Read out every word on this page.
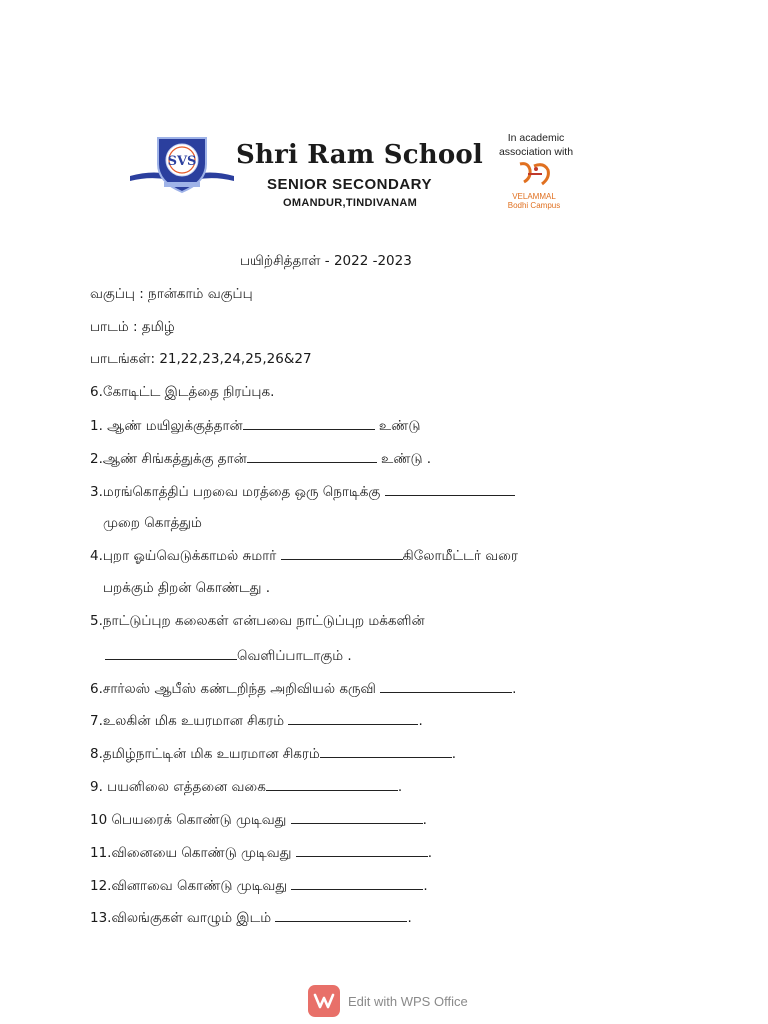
SVS Shri Ram School
SENIOR SECONDARY
OMANDUR,TINDIVANAM
In academic
association with
VELAMMAL
Bodhi Campus
பயிற்சித்தாள் - 2022 -2023
வகுப்பு : நான்காம் வகுப்பு
பாடம் : தமிழ்
பாடங்கள்: 21,22,23,24,25,26&27
6.கோடிட்ட இடத்தை நிரப்புக.
1. ஆண் மயிலுக்குத்தான்	உண்டு
2.ஆண் சிங்கத்துக்கு தான்	உண்டு .
3.மரங்கொத்திப் பறவை மரத்தை ஒரு நொடிக்கு
முறை கொத்தும்
4.புறா ஓய்வெடுக்காமல் சுமார்	கிலோமீட்டர் வரை
பறக்கும் திறன் கொண்டது .
5.நாட்டுப்புற கலைகள் என்பவை நாட்டுப்புற மக்களின்
வெளிப்பாடாகும் .
6.சார்லஸ் ஆபீஸ் கண்டறிந்த அறிவியல் கருவி	.
7.உலகின் மிக உயரமான சிகரம்	.
8.தமிழ்நாட்டின் மிக உயரமான சிகரம்	.
9. பயனிலை எத்தனை வகை	.
10 பெயரைக் கொண்டு முடிவது	.
11.வினையை கொண்டு முடிவது	.
12.வினாவை கொண்டு முடிவது	.
13.விலங்குகள் வாழும் இடம்	.
Edit with WPS Office
